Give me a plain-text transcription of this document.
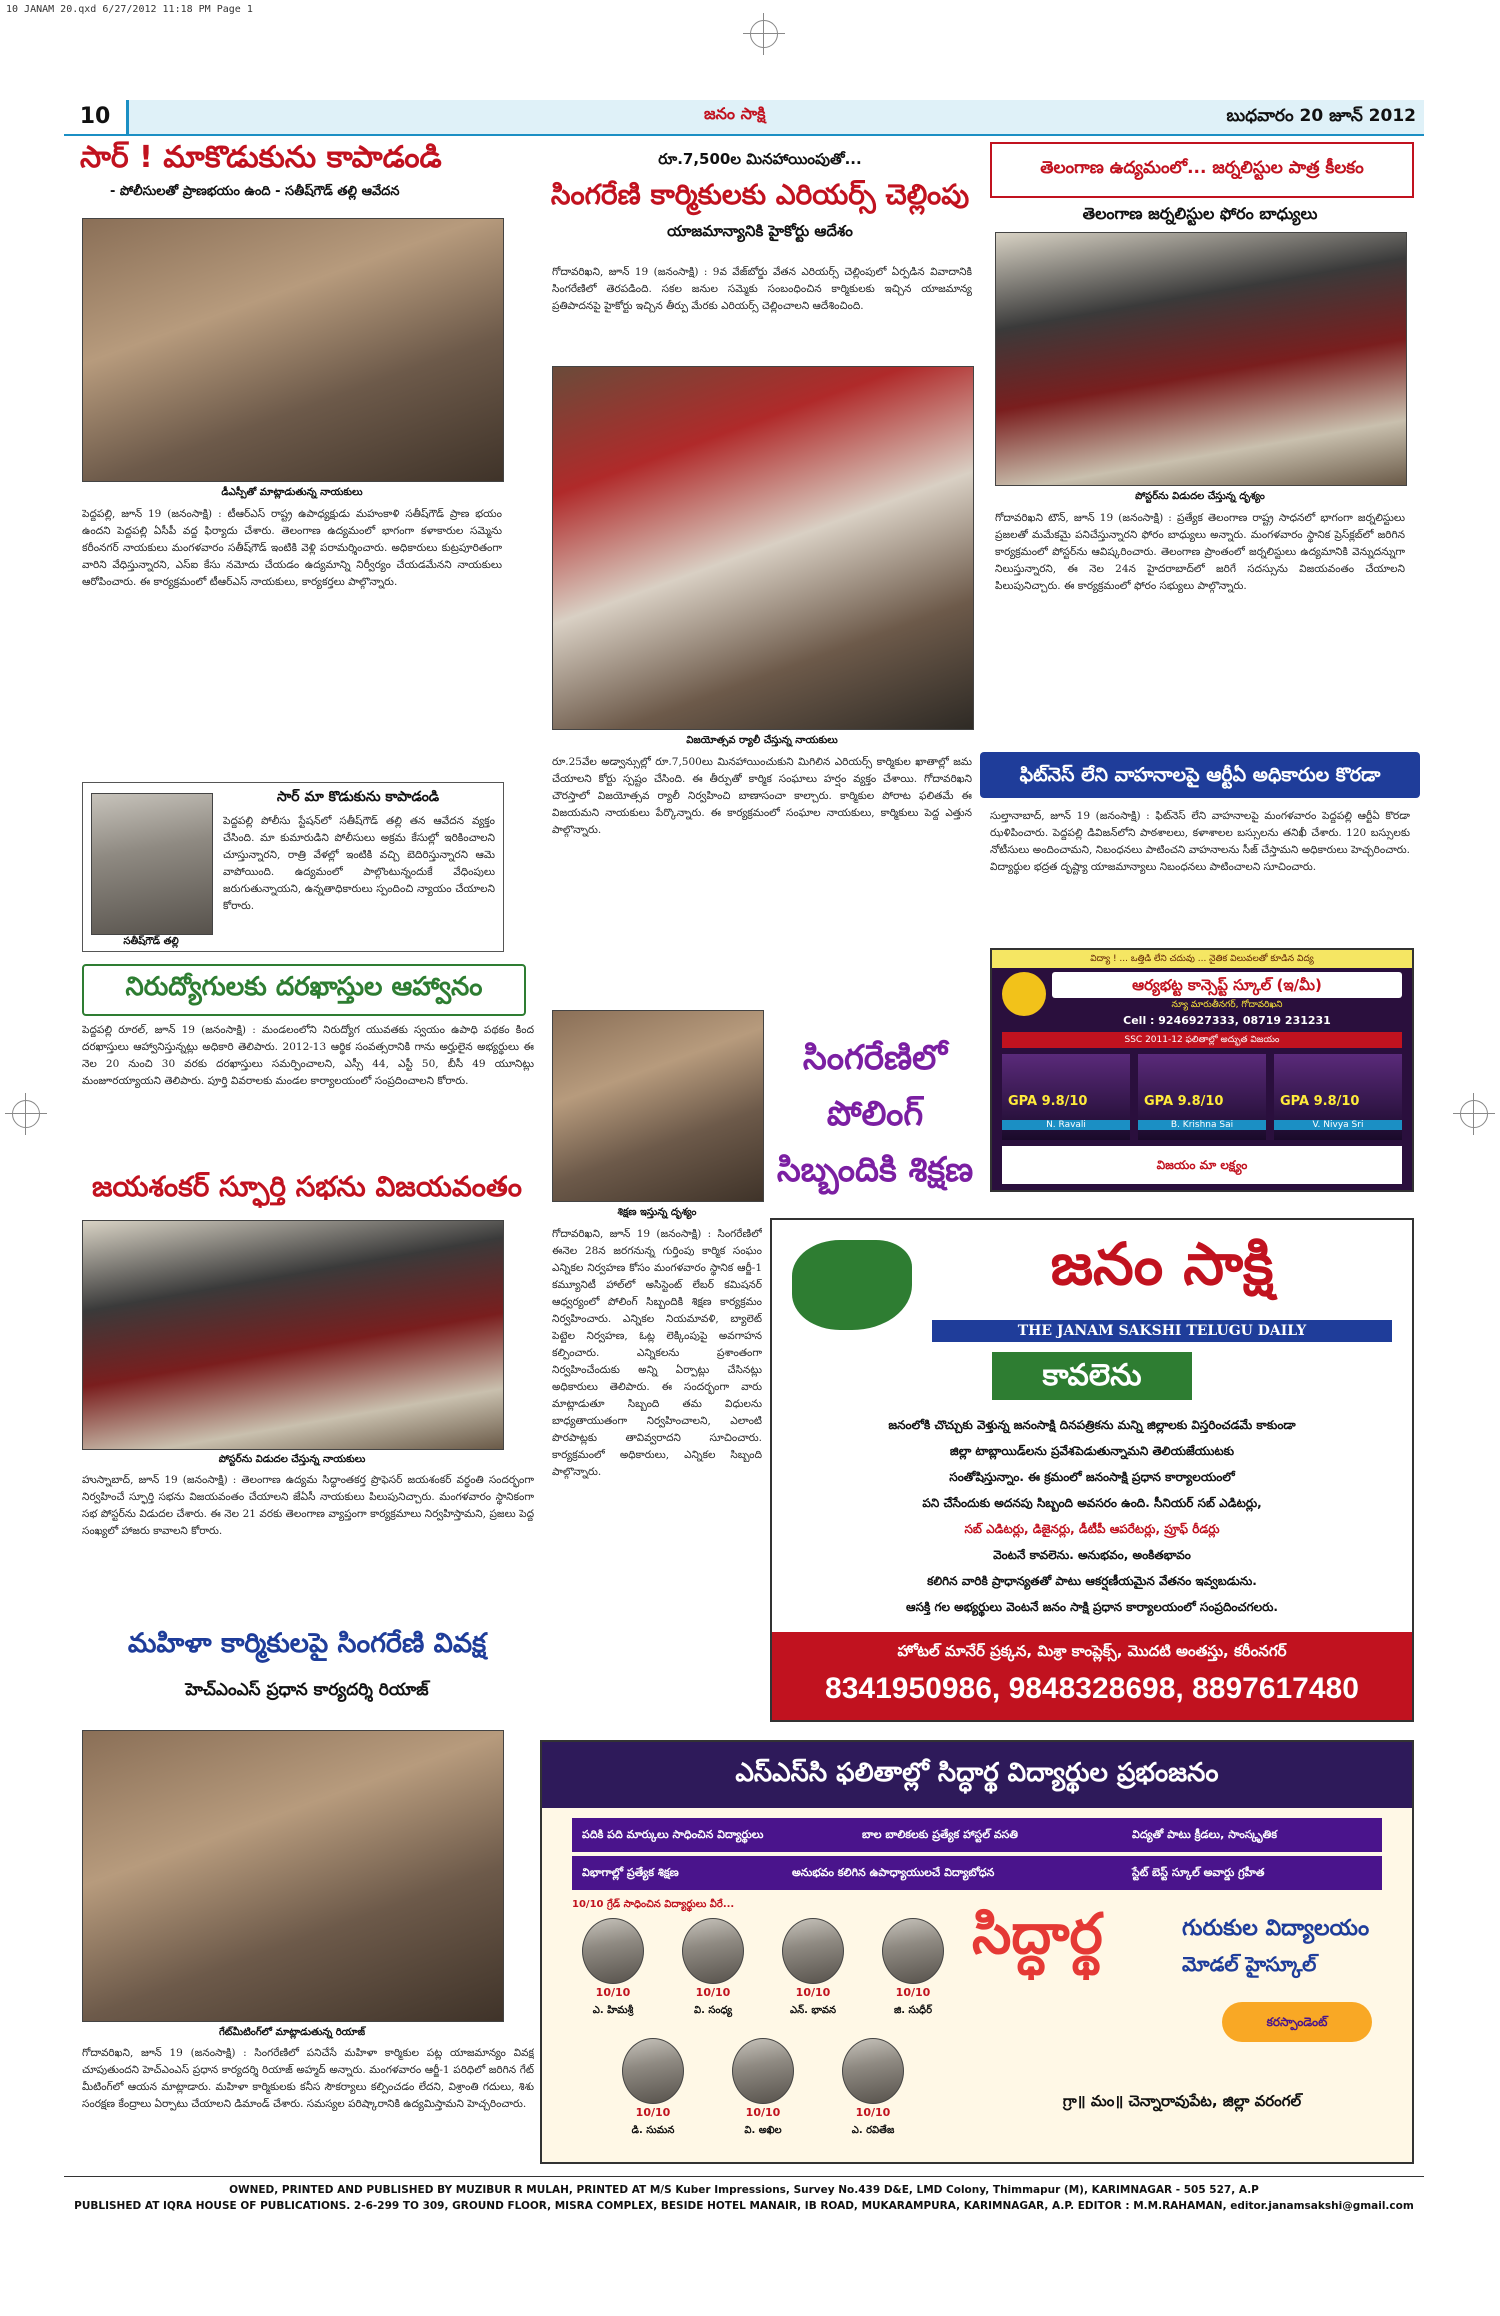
10 JANAM 20.qxd 6/27/2012 11:18 PM Page 1
10	జనం సాక్షి	బుధవారం 20 జూన్ 2012
సార్ ! మాకొడుకును కాపాడండి
- పోలీసులతో ప్రాణభయం ఉంది - సతీష్‌గౌడ్ తల్లి ఆవేదన
డీఎస్పీతో మాట్లాడుతున్న నాయకులు
పెద్దపల్లి, జూన్ 19 (జనంసాక్షి) : టీఆర్ఎస్ రాష్ట్ర ఉపాధ్యక్షుడు మహంకాళి సతీష్‌గౌడ్ ప్రాణ భయం ఉందని పెద్దపల్లి ఏసీపీ వద్ద ఫిర్యాదు చేశారు. తెలంగాణ ఉద్యమంలో భాగంగా కళాకారుల సమ్మెను కరీంనగర్ నాయకులు మంగళవారం సతీష్‌గౌడ్ ఇంటికి వెళ్లి పరామర్శించారు. అధికారులు కుట్రపూరితంగా వారిని వేధిస్తున్నారని, ఎస్ఐ కేసు నమోదు చేయడం ఉద్యమాన్ని నిర్వీర్యం చేయడమేనని నాయకులు ఆరోపించారు. ఈ కార్యక్రమంలో టీఆర్ఎస్ నాయకులు, కార్యకర్తలు పాల్గొన్నారు.
సతీష్‌గౌడ్ తల్లి
సార్ మా కొడుకును కాపాడండి
పెద్దపల్లి పోలీసు స్టేషన్‌లో సతీష్‌గౌడ్ తల్లి తన ఆవేదన వ్యక్తం చేసింది. మా కుమారుడిని పోలీసులు అక్రమ కేసుల్లో ఇరికించాలని చూస్తున్నారని, రాత్రి వేళల్లో ఇంటికి వచ్చి బెదిరిస్తున్నారని ఆమె వాపోయింది. ఉద్యమంలో పాల్గొంటున్నందుకే వేధింపులు జరుగుతున్నాయని, ఉన్నతాధికారులు స్పందించి న్యాయం చేయాలని కోరారు.
నిరుద్యోగులకు దరఖాస్తుల ఆహ్వానం
పెద్దపల్లి రూరల్, జూన్ 19 (జనంసాక్షి) : మండలంలోని నిరుద్యోగ యువతకు స్వయం ఉపాధి పథకం కింద దరఖాస్తులు ఆహ్వానిస్తున్నట్లు అధికారి తెలిపారు. 2012-13 ఆర్థిక సంవత్సరానికి గాను అర్హులైన అభ్యర్థులు ఈ నెల 20 నుంచి 30 వరకు దరఖాస్తులు సమర్పించాలని, ఎస్సీ 44, ఎస్టీ 50, బీసీ 49 యూనిట్లు మంజూరయ్యాయని తెలిపారు. పూర్తి వివరాలకు మండల కార్యాలయంలో సంప్రదించాలని కోరారు.
జయశంకర్ స్ఫూర్తి సభను విజయవంతం
పోస్టర్‌ను విడుదల చేస్తున్న నాయకులు
హుస్నాబాద్, జూన్ 19 (జనంసాక్షి) : తెలంగాణ ఉద్యమ సిద్ధాంతకర్త ప్రొఫెసర్ జయశంకర్ వర్థంతి సందర్భంగా నిర్వహించే స్ఫూర్తి సభను విజయవంతం చేయాలని జేఏసీ నాయకులు పిలుపునిచ్చారు. మంగళవారం స్థానికంగా సభ పోస్టర్‌ను విడుదల చేశారు. ఈ నెల 21 వరకు తెలంగాణ వ్యాప్తంగా కార్యక్రమాలు నిర్వహిస్తామని, ప్రజలు పెద్ద సంఖ్యలో హాజరు కావాలని కోరారు.
మహిళా కార్మికులపై సింగరేణి వివక్ష
హెచ్ఎంఎస్ ప్రధాన కార్యదర్శి రియాజ్
గేట్‌మీటింగ్‌లో మాట్లాడుతున్న రియాజ్
గోదావరిఖని, జూన్ 19 (జనంసాక్షి) : సింగరేణిలో పనిచేసే మహిళా కార్మికుల పట్ల యాజమాన్యం వివక్ష చూపుతుందని హెచ్ఎంఎస్ ప్రధాన కార్యదర్శి రియాజ్ అహ్మద్ అన్నారు. మంగళవారం ఆర్జీ-1 పరిధిలో జరిగిన గేట్ మీటింగ్‌లో ఆయన మాట్లాడారు. మహిళా కార్మికులకు కనీస సౌకర్యాలు కల్పించడం లేదని, విశ్రాంతి గదులు, శిశు సంరక్షణ కేంద్రాలు ఏర్పాటు చేయాలని డిమాండ్ చేశారు. సమస్యల పరిష్కారానికి ఉద్యమిస్తామని హెచ్చరించారు.
రూ.7,500ల మినహాయింపుతో...
సింగరేణి కార్మికులకు ఎరియర్స్ చెల్లింపు
యాజమాన్యానికి హైకోర్టు ఆదేశం
గోదావరిఖని, జూన్ 19 (జనంసాక్షి) : 9వ వేజ్‌బోర్డు వేతన ఎరియర్స్ చెల్లింపులో ఏర్పడిన వివాదానికి సింగరేణిలో తెరపడింది. సకల జనుల సమ్మెకు సంబంధించిన కార్మికులకు ఇచ్చిన యాజమాన్య ప్రతిపాదనపై హైకోర్టు ఇచ్చిన తీర్పు మేరకు ఎరియర్స్ చెల్లించాలని ఆదేశించింది.
విజయోత్సవ ర్యాలీ చేస్తున్న నాయకులు
రూ.25వేల అడ్వాన్సుల్లో రూ.7,500లు మినహాయించుకుని మిగిలిన ఎరియర్స్ కార్మికుల ఖాతాల్లో జమ చేయాలని కోర్టు స్పష్టం చేసింది. ఈ తీర్పుతో కార్మిక సంఘాలు హర్షం వ్యక్తం చేశాయి. గోదావరిఖని చౌరస్తాలో విజయోత్సవ ర్యాలీ నిర్వహించి బాణాసంచా కాల్చారు. కార్మికుల పోరాట ఫలితమే ఈ విజయమని నాయకులు పేర్కొన్నారు. ఈ కార్యక్రమంలో సంఘాల నాయకులు, కార్మికులు పెద్ద ఎత్తున పాల్గొన్నారు.
శిక్షణ ఇస్తున్న దృశ్యం
సింగరేణిలో పోలింగ్
సిబ్బందికి శిక్షణ
గోదావరిఖని, జూన్ 19 (జనంసాక్షి) : సింగరేణిలో ఈనెల 28న జరగనున్న గుర్తింపు కార్మిక సంఘం ఎన్నికల నిర్వహణ కోసం మంగళవారం స్థానిక ఆర్జీ-1 కమ్యూనిటీ హాల్‌లో అసిస్టెంట్ లేబర్ కమిషనర్ ఆధ్వర్యంలో పోలింగ్ సిబ్బందికి శిక్షణ కార్యక్రమం నిర్వహించారు. ఎన్నికల నియమావళి, బ్యాలెట్ పెట్టెల నిర్వహణ, ఓట్ల లెక్కింపుపై అవగాహన కల్పించారు. ఎన్నికలను ప్రశాంతంగా నిర్వహించేందుకు అన్ని ఏర్పాట్లు చేసినట్లు అధికారులు తెలిపారు. ఈ సందర్భంగా వారు మాట్లాడుతూ సిబ్బంది తమ విధులను బాధ్యతాయుతంగా నిర్వహించాలని, ఎలాంటి పొరపాట్లకు తావివ్వరాదని సూచించారు. కార్యక్రమంలో అధికారులు, ఎన్నికల సిబ్బంది పాల్గొన్నారు.
తెలంగాణ ఉద్యమంలో... జర్నలిస్టుల పాత్ర కీలకం
తెలంగాణ జర్నలిస్టుల ఫోరం బాధ్యులు
పోస్టర్‌ను విడుదల చేస్తున్న దృశ్యం
గోదావరిఖని టౌన్, జూన్ 19 (జనంసాక్షి) : ప్రత్యేక తెలంగాణ రాష్ట్ర సాధనలో భాగంగా జర్నలిస్టులు ప్రజలతో మమేకమై పనిచేస్తున్నారని ఫోరం బాధ్యులు అన్నారు. మంగళవారం స్థానిక ప్రెస్‌క్లబ్‌లో జరిగిన కార్యక్రమంలో పోస్టర్‌ను ఆవిష్కరించారు. తెలంగాణ ప్రాంతంలో జర్నలిస్టులు ఉద్యమానికి వెన్నుదన్నుగా నిలుస్తున్నారని, ఈ నెల 24న హైదరాబాద్‌లో జరిగే సదస్సును విజయవంతం చేయాలని పిలుపునిచ్చారు. ఈ కార్యక్రమంలో ఫోరం సభ్యులు పాల్గొన్నారు.
ఫిట్‌నెస్ లేని వాహనాలపై ఆర్టీఏ అధికారుల కొరడా
సుల్తానాబాద్, జూన్ 19 (జనంసాక్షి) : ఫిట్‌నెస్ లేని వాహనాలపై మంగళవారం పెద్దపల్లి ఆర్టీఏ కొరడా ఝళిపించారు. పెద్దపల్లి డివిజన్‌లోని పాఠశాలలు, కళాశాలల బస్సులను తనిఖీ చేశారు. 120 బస్సులకు నోటీసులు అందించామని, నిబంధనలు పాటించని వాహనాలను సీజ్ చేస్తామని అధికారులు హెచ్చరించారు. విద్యార్థుల భద్రత దృష్ట్యా యాజమాన్యాలు నిబంధనలు పాటించాలని సూచించారు.
విద్యా ! ... ఒత్తిడి లేని చదువు ... నైతిక విలువలతో కూడిన విద్య
ఆర్యభట్ట కాన్సెప్ట్ స్కూల్ (ఇ/మీ)
న్యూ మారుతీనగర్, గోదావరిఖని
Cell : 9246927333, 08719 231231
SSC 2011-12 ఫలితాల్లో అద్భుత విజయం
GPA 9.8/10
N. Ravali
GPA 9.8/10
B. Krishna Sai
GPA 9.8/10
V. Nivya Sri
విజయం మా లక్ష్యం
జనం సాక్షి
THE JANAM SAKSHI TELUGU DAILY
కావలెను
జనంలోకి చొచ్చుకు వెళ్తున్న జనంసాక్షి దినపత్రికను మన్ని జిల్లాలకు విస్తరించడమే కాకుండా
జిల్లా టాబ్లాయిడ్‌లను ప్రవేశపెడుతున్నామని తెలియజేయుటకు
సంతోషిస్తున్నాం. ఈ క్రమంలో జనంసాక్షి ప్రధాన కార్యాలయంలో
పని చేసేందుకు అదనపు సిబ్బంది అవసరం ఉంది. సీనియర్ సబ్ ఎడిటర్లు,
సబ్ ఎడిటర్లు, డిజైనర్లు, డీటీపీ ఆపరేటర్లు, ప్రూఫ్ రీడర్లు
వెంటనే కావలెను. అనుభవం, అంకితభావం
కలిగిన వారికి ప్రాధాన్యతతో పాటు ఆకర్షణీయమైన వేతనం ఇవ్వబడును.
ఆసక్తి గల అభ్యర్థులు వెంటనే జనం సాక్షి ప్రధాన కార్యాలయంలో సంప్రదించగలరు.
హోటల్ మానేర్ ప్రక్కన, మిశ్రా కాంప్లెక్స్, మొదటి అంతస్తు, కరీంనగర్
8341950986, 9848328698, 8897617480
ఎస్ఎస్‌సి ఫలితాల్లో సిద్ధార్థ విద్యార్థుల ప్రభంజనం
పదికి పది మార్కులు సాధించిన విద్యార్థులు	బాల బాలికలకు ప్రత్యేక హాస్టల్ వసతి	విద్యతో పాటు క్రీడలు, సాంస్కృతిక
విభాగాల్లో ప్రత్యేక శిక్షణ	అనుభవం కలిగిన ఉపాధ్యాయులచే విద్యాబోధన	స్టేట్ బెస్ట్ స్కూల్ అవార్డు గ్రహీత
10/10 గ్రేడ్ సాధించిన విద్యార్థులు వీరే...
10/10
ఎ. హిమశ్రీ
10/10
వి. సంధ్య
10/10
ఎన్. భావన
10/10
జి. సుధీర్
10/10
డి. సుమన
10/10
వి. అఖిల
10/10
ఎ. రవితేజ
సిద్ధార్థ	గురుకుల విద్యాలయం
మోడల్ హైస్కూల్
కరస్పాండెంట్
గ్రా॥ మం॥ చెన్నారావుపేట, జిల్లా వరంగల్
OWNED, PRINTED AND PUBLISHED BY MUZIBUR R MULAH, PRINTED AT M/S Kuber Impressions, Survey No.439 D&E, LMD Colony, Thimmapur (M), KARIMNAGAR - 505 527, A.P
PUBLISHED AT IQRA HOUSE OF PUBLICATIONS. 2-6-299 TO 309, GROUND FLOOR, MISRA COMPLEX, BESIDE HOTEL MANAIR, IB ROAD, MUKARAMPURA, KARIMNAGAR, A.P. EDITOR : M.M.RAHAMAN, editor.janamsakshi@gmail.com
